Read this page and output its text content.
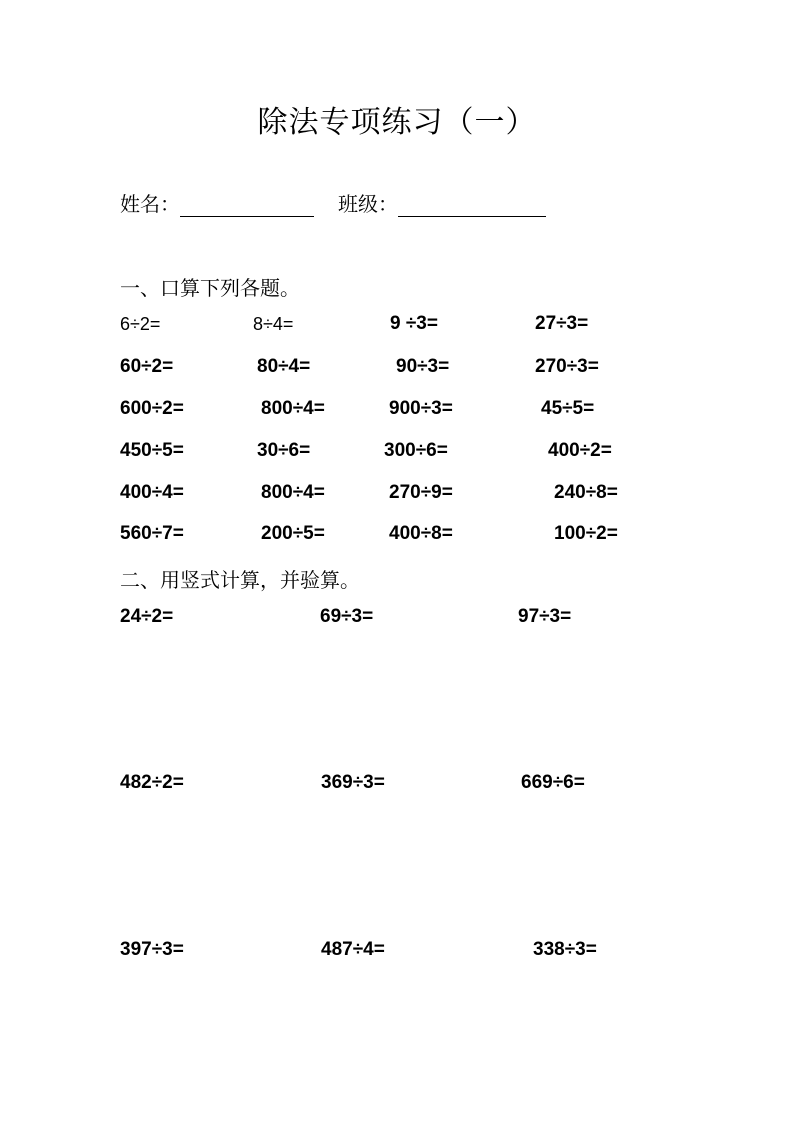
除法专项练习（一）
姓名：	班级：
一、口算下列各题。
6÷2=	8÷4=	9 ÷3=	27÷3=
60÷2=	80÷4=	90÷3=	270÷3=
600÷2=	800÷4=	900÷3=	45÷5=
450÷5=	30÷6=	300÷6=	400÷2=
400÷4=	800÷4=	270÷9=	240÷8=
560÷7=	200÷5=	400÷8=	100÷2=
二、用竖式计算，并验算。
24÷2=	69÷3=	97÷3=
482÷2=	369÷3=	669÷6=
397÷3=	487÷4=	338÷3=
